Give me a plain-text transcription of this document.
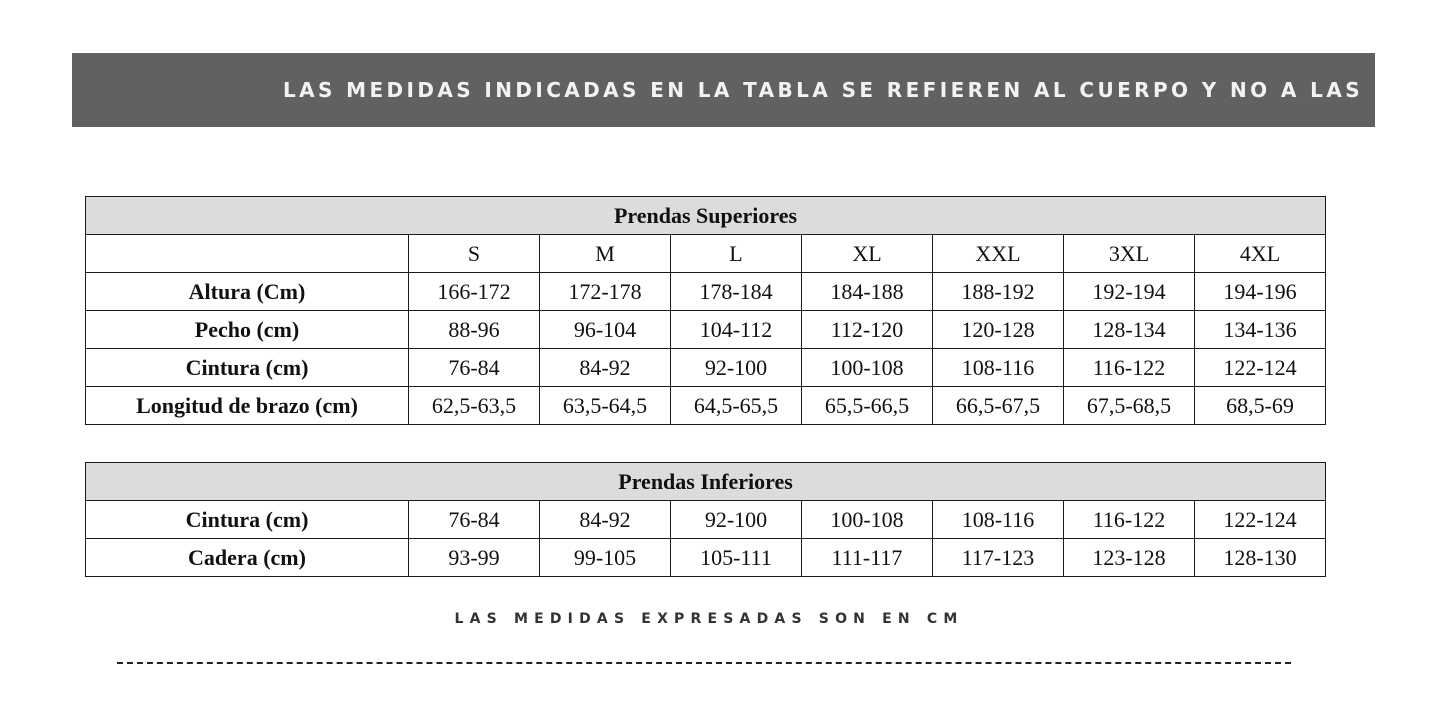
LAS MEDIDAS INDICADAS EN LA TABLA SE REFIEREN AL CUERPO Y NO A LAS
Prendas Superiores							
	S	M	L	XL	XXL	3XL	4XL
Altura (Cm)	166-172	172-178	178-184	184-188	188-192	192-194	194-196
Pecho (cm)	88-96	96-104	104-112	112-120	120-128	128-134	134-136
Cintura (cm)	76-84	84-92	92-100	100-108	108-116	116-122	122-124
Longitud de brazo (cm)	62,5-63,5	63,5-64,5	64,5-65,5	65,5-66,5	66,5-67,5	67,5-68,5	68,5-69
Prendas Inferiores							
Cintura (cm)	76-84	84-92	92-100	100-108	108-116	116-122	122-124
Cadera (cm)	93-99	99-105	105-111	111-117	117-123	123-128	128-130
LAS MEDIDAS EXPRESADAS SON EN CM
